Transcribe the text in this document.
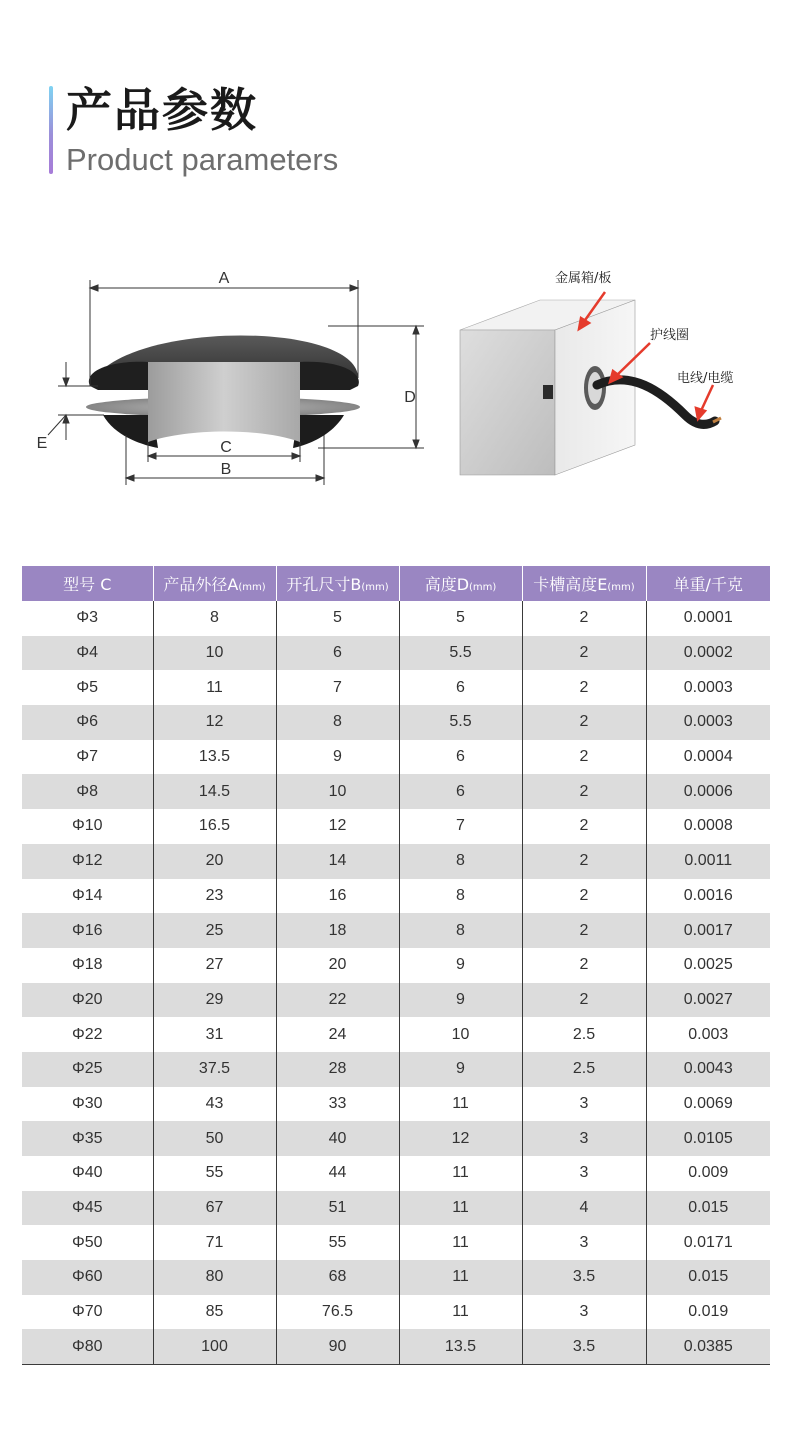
产品参数
Product parameters
A
B
C
D
E
金属箱/板
护线圈
电线/电缆
型号 C	产品外径A(mm)	开孔尺寸B(mm)	高度D(mm)	卡槽高度E(mm)	单重/千克
Φ3	8	5	5	2	0.0001
Φ4	10	6	5.5	2	0.0002
Φ5	11	7	6	2	0.0003
Φ6	12	8	5.5	2	0.0003
Φ7	13.5	9	6	2	0.0004
Φ8	14.5	10	6	2	0.0006
Φ10	16.5	12	7	2	0.0008
Φ12	20	14	8	2	0.0011
Φ14	23	16	8	2	0.0016
Φ16	25	18	8	2	0.0017
Φ18	27	20	9	2	0.0025
Φ20	29	22	9	2	0.0027
Φ22	31	24	10	2.5	0.003
Φ25	37.5	28	9	2.5	0.0043
Φ30	43	33	11	3	0.0069
Φ35	50	40	12	3	0.0105
Φ40	55	44	11	3	0.009
Φ45	67	51	11	4	0.015
Φ50	71	55	11	3	0.0171
Φ60	80	68	11	3.5	0.015
Φ70	85	76.5	11	3	0.019
Φ80	100	90	13.5	3.5	0.0385
